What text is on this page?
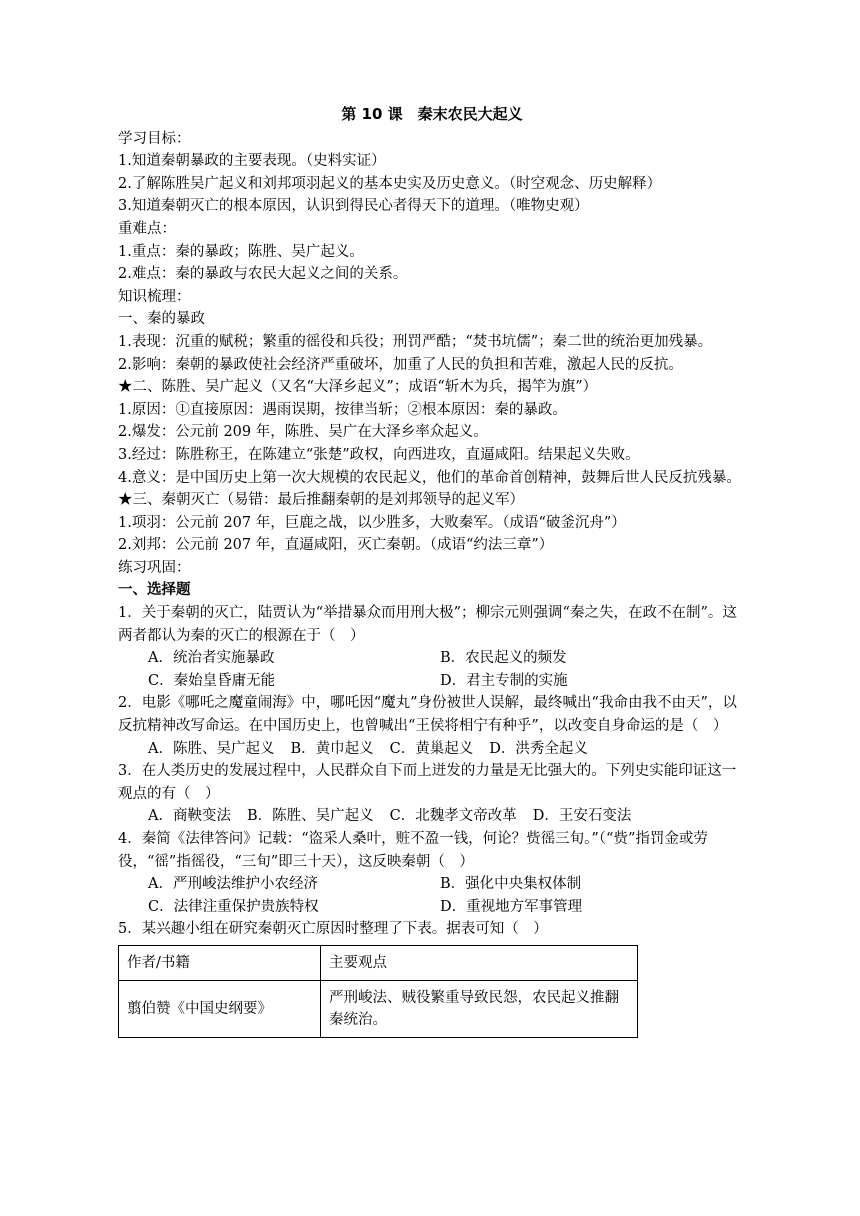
第 10 课　秦末农民大起义
学习目标：
1.知道秦朝暴政的主要表现。（史料实证）
2.了解陈胜吴广起义和刘邦项羽起义的基本史实及历史意义。（时空观念、历史解释）
3.知道秦朝灭亡的根本原因，认识到得民心者得天下的道理。（唯物史观）
重难点：
1.重点：秦的暴政；陈胜、吴广起义。
2.难点：秦的暴政与农民大起义之间的关系。
知识梳理：
一、秦的暴政
1.表现：沉重的赋税；繁重的徭役和兵役；刑罚严酷；“焚书坑儒”；秦二世的统治更加残暴。
2.影响：秦朝的暴政使社会经济严重破坏，加重了人民的负担和苦难，激起人民的反抗。
★二、陈胜、吴广起义（又名“大泽乡起义”；成语“斩木为兵，揭竿为旗”）
1.原因：①直接原因：遇雨误期，按律当斩；②根本原因：秦的暴政。
2.爆发：公元前 209 年，陈胜、吴广在大泽乡率众起义。
3.经过：陈胜称王，在陈建立“张楚”政权，向西进攻，直逼咸阳。结果起义失败。
4.意义：是中国历史上第一次大规模的农民起义，他们的革命首创精神，鼓舞后世人民反抗残暴。
★三、秦朝灭亡（易错：最后推翻秦朝的是刘邦领导的起义军）
1.项羽：公元前 207 年，巨鹿之战，以少胜多，大败秦军。（成语“破釜沉舟”）
2.刘邦：公元前 207 年，直逼咸阳，灭亡秦朝。（成语“约法三章”）
练习巩固：
一、选择题
1．关于秦朝的灭亡，陆贾认为“举措暴众而用刑大极”；柳宗元则强调“秦之失，在政不在制”。这两者都认为秦的灭亡的根源在于（　）
A．统治者实施暴政	B．农民起义的频发
C．秦始皇昏庸无能	D．君主专制的实施
2．电影《哪吒之魔童闹海》中，哪吒因“魔丸”身份被世人误解，最终喊出“我命由我不由天”，以反抗精神改写命运。在中国历史上，也曾喊出“王侯将相宁有种乎”，以改变自身命运的是（　）
A．陈胜、吴广起义 B．黄巾起义 C．黄巢起义 D．洪秀全起义
3．在人类历史的发展过程中，人民群众自下而上迸发的力量是无比强大的。下列史实能印证这一观点的有（　）
A．商鞅变法 B．陈胜、吴广起义 C．北魏孝文帝改革 D．王安石变法
4．秦简《法律答问》记载：“盗采人桑叶，赃不盈一钱，何论？赀徭三旬。”（“赀”指罚金或劳役，“徭”指徭役，“三旬”即三十天），这反映秦朝（　）
A．严刑峻法维护小农经济	B．强化中央集权体制
C．法律注重保护贵族特权	D．重视地方军事管理
5．某兴趣小组在研究秦朝灭亡原因时整理了下表。据表可知（　）
作者/书籍	主要观点
翦伯赞《中国史纲要》	严刑峻法、贼役繁重导致民怨，农民起义推翻秦统治。
